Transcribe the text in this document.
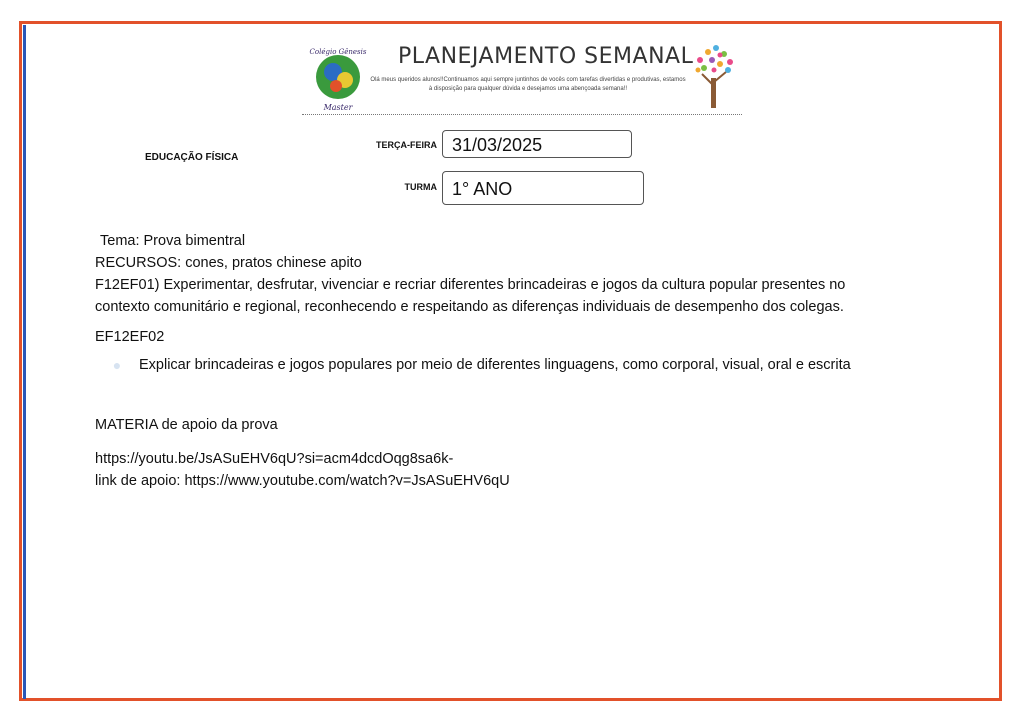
Colégio Gênesis
Master
PLANEJAMENTO SEMANAL
Olá meus queridos alunos!!Continuamos aqui sempre juntinhos de vocês com tarefas divertidas e produtivas, estamos à disposição para qualquer dúvida e desejamos uma abençoada semana!!
EDUCAÇÃO FÍSICA
TERÇA-FEIRA 31/03/2025
TURMA 1° ANO

Tema: Prova bimentral

RECURSOS: cones, pratos chinese apito

F12EF01) Experimentar, desfrutar, vivenciar e recriar diferentes brincadeiras e jogos da cultura popular presentes no contexto comunitário e regional, reconhecendo e respeitando as diferenças individuais de desempenho dos colegas.

EF12EF02

●	Explicar brincadeiras e jogos populares por meio de diferentes linguagens, como corporal, visual, oral e escrita

MATERIA de apoio da prova

https://youtu.be/JsASuEHV6qU?si=acm4dcdOqg8sa6k-

link de apoio: https://www.youtube.com/watch?v=JsASuEHV6qU
